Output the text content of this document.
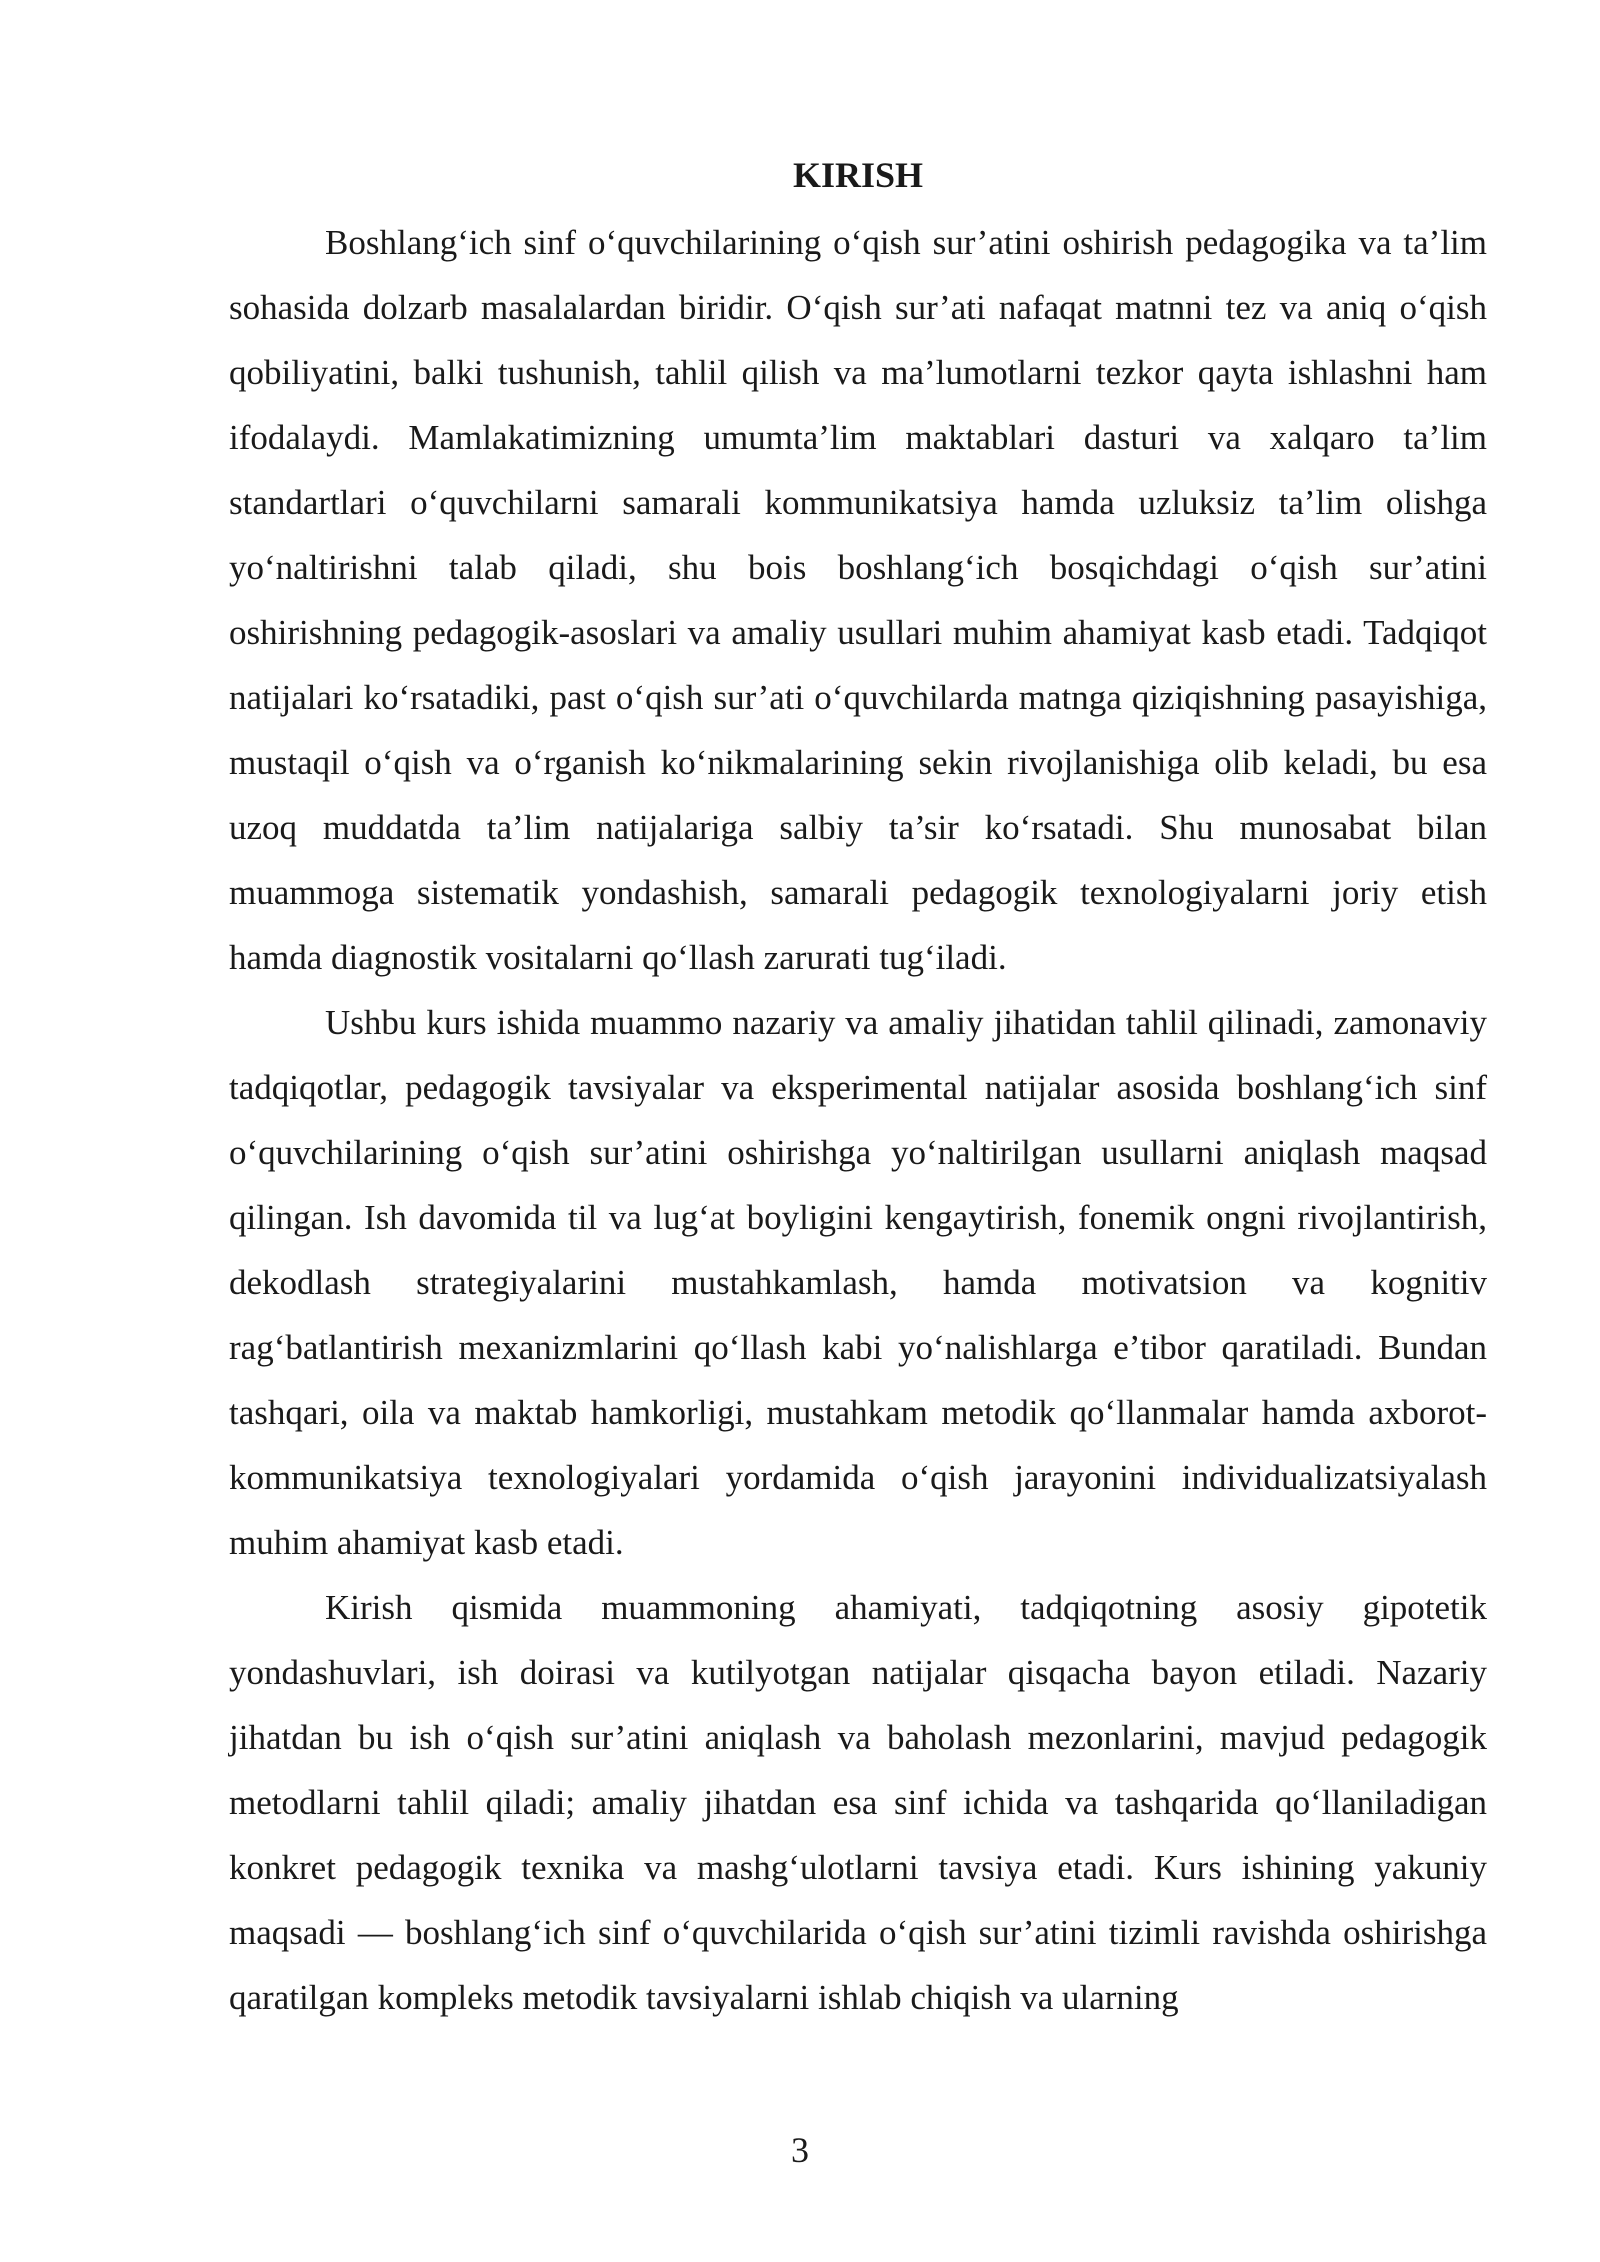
KIRISH

Boshlang‘ich sinf o‘quvchilarining o‘qish sur’atini oshirish pedagogika va ta’lim sohasida dolzarb masalalardan biridir. O‘qish sur’ati nafaqat matnni tez va aniq o‘qish qobiliyatini, balki tushunish, tahlil qilish va ma’lumotlarni tezkor qayta ishlashni ham ifodalaydi. Mamlakatimizning umumta’lim maktablari dasturi va xalqaro ta’lim standartlari o‘quvchilarni samarali kommunikatsiya hamda uzluksiz ta’lim olishga yo‘naltirishni talab qiladi, shu bois boshlang‘ich bosqichdagi o‘qish sur’atini oshirishning pedagogik-asoslari va amaliy usullari muhim ahamiyat kasb etadi. Tadqiqot natijalari ko‘rsatadiki, past o‘qish sur’ati o‘quvchilarda matnga qiziqishning pasayishiga, mustaqil o‘qish va o‘rganish ko‘nikmalarining sekin rivojlanishiga olib keladi, bu esa uzoq muddatda ta’lim natijalariga salbiy ta’sir ko‘rsatadi. Shu munosabat bilan muammoga sistematik yondashish, samarali pedagogik texnologiyalarni joriy etish hamda diagnostik vositalarni qo‘llash zarurati tug‘iladi.

Ushbu kurs ishida muammo nazariy va amaliy jihatidan tahlil qilinadi, zamonaviy tadqiqotlar, pedagogik tavsiyalar va eksperimental natijalar asosida boshlang‘ich sinf o‘quvchilarining o‘qish sur’atini oshirishga yo‘naltirilgan usullarni aniqlash maqsad qilingan. Ish davomida til va lug‘at boyligini kengaytirish, fonemik ongni rivojlantirish, dekodlash strategiyalarini mustahkamlash, hamda motivatsion va kognitiv rag‘batlantirish mexanizmlarini qo‘llash kabi yo‘nalishlarga e’tibor qaratiladi. Bundan tashqari, oila va maktab hamkorligi, mustahkam metodik qo‘llanmalar hamda axborot-kommunikatsiya texnologiyalari yordamida o‘qish jarayonini individualizatsiyalash muhim ahamiyat kasb etadi.

Kirish qismida muammoning ahamiyati, tadqiqotning asosiy gipotetik yondashuvlari, ish doirasi va kutilyotgan natijalar qisqacha bayon etiladi. Nazariy jihatdan bu ish o‘qish sur’atini aniqlash va baholash mezonlarini, mavjud pedagogik metodlarni tahlil qiladi; amaliy jihatdan esa sinf ichida va tashqarida qo‘llaniladigan konkret pedagogik texnika va mashg‘ulotlarni tavsiya etadi. Kurs ishining yakuniy maqsadi — boshlang‘ich sinf o‘quvchilarida o‘qish sur’atini tizimli ravishda oshirishga qaratilgan kompleks metodik tavsiyalarni ishlab chiqish va ularning

3
